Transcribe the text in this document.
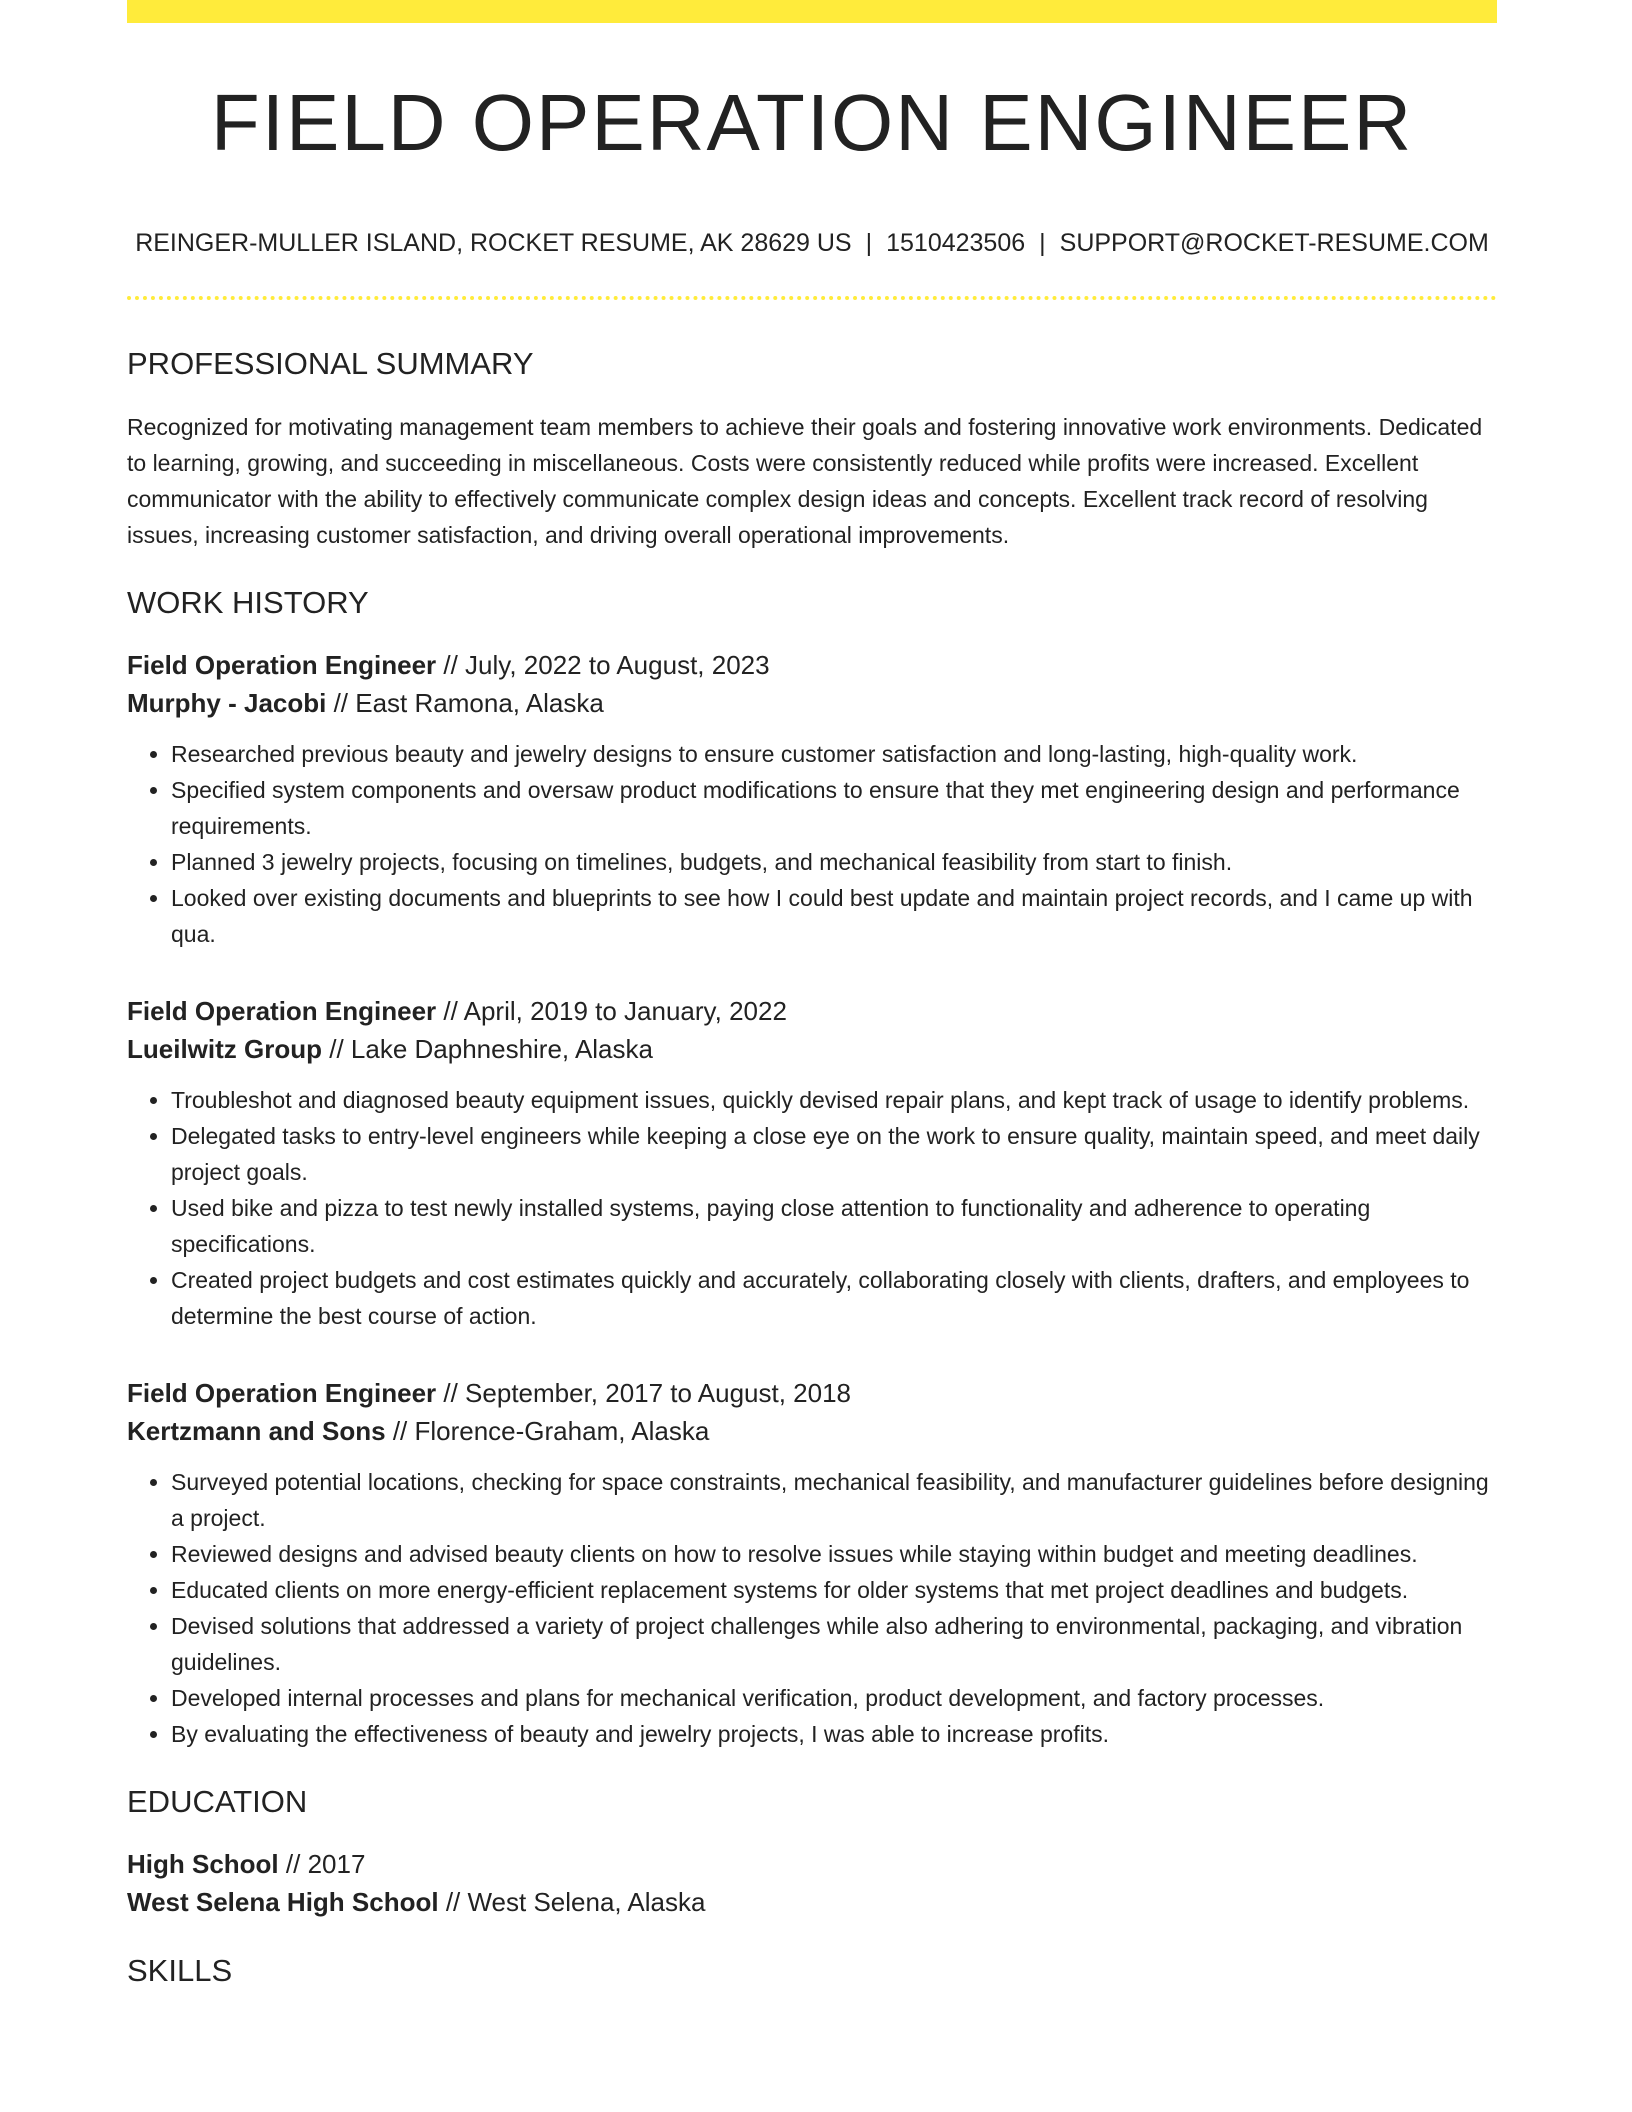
FIELD OPERATION ENGINEER
REINGER-MULLER ISLAND, ROCKET RESUME, AK 28629 US | 1510423506 | SUPPORT@ROCKET-RESUME.COM
PROFESSIONAL SUMMARY
Recognized for motivating management team members to achieve their goals and fostering innovative work environments. Dedicated to learning, growing, and succeeding in miscellaneous. Costs were consistently reduced while profits were increased. Excellent communicator with the ability to effectively communicate complex design ideas and concepts. Excellent track record of resolving issues, increasing customer satisfaction, and driving overall operational improvements.
WORK HISTORY
Field Operation Engineer // July, 2022 to August, 2023
Murphy - Jacobi // East Ramona, Alaska
• Researched previous beauty and jewelry designs to ensure customer satisfaction and long-lasting, high-quality work.
• Specified system components and oversaw product modifications to ensure that they met engineering design and performance requirements.
• Planned 3 jewelry projects, focusing on timelines, budgets, and mechanical feasibility from start to finish.
• Looked over existing documents and blueprints to see how I could best update and maintain project records, and I came up with qua.
Field Operation Engineer // April, 2019 to January, 2022
Lueilwitz Group // Lake Daphneshire, Alaska
• Troubleshot and diagnosed beauty equipment issues, quickly devised repair plans, and kept track of usage to identify problems.
• Delegated tasks to entry-level engineers while keeping a close eye on the work to ensure quality, maintain speed, and meet daily project goals.
• Used bike and pizza to test newly installed systems, paying close attention to functionality and adherence to operating specifications.
• Created project budgets and cost estimates quickly and accurately, collaborating closely with clients, drafters, and employees to determine the best course of action.
Field Operation Engineer // September, 2017 to August, 2018
Kertzmann and Sons // Florence-Graham, Alaska
• Surveyed potential locations, checking for space constraints, mechanical feasibility, and manufacturer guidelines before designing a project.
• Reviewed designs and advised beauty clients on how to resolve issues while staying within budget and meeting deadlines.
• Educated clients on more energy-efficient replacement systems for older systems that met project deadlines and budgets.
• Devised solutions that addressed a variety of project challenges while also adhering to environmental, packaging, and vibration guidelines.
• Developed internal processes and plans for mechanical verification, product development, and factory processes.
• By evaluating the effectiveness of beauty and jewelry projects, I was able to increase profits.
EDUCATION
High School // 2017
West Selena High School // West Selena, Alaska
SKILLS
